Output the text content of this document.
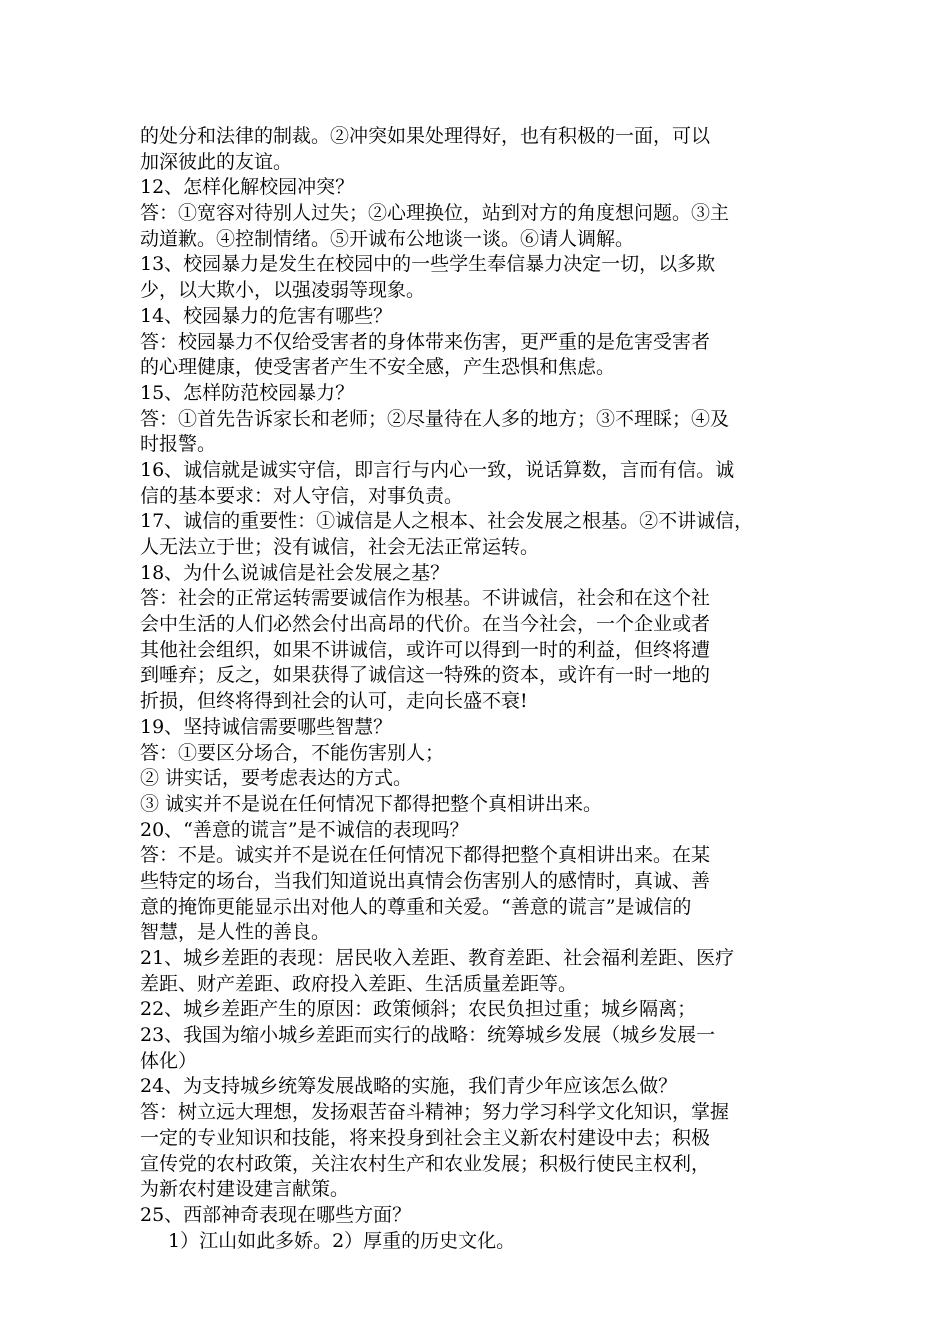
的处分和法律的制裁。②冲突如果处理得好，也有积极的一面，可以
加深彼此的友谊。
12、怎样化解校园冲突？
答：①宽容对待别人过失；②心理换位，站到对方的角度想问题。③主
动道歉。④控制情绪。⑤开诚布公地谈一谈。⑥请人调解。
13、校园暴力是发生在校园中的一些学生奉信暴力决定一切，以多欺
少，以大欺小，以强凌弱等现象。
14、校园暴力的危害有哪些？
答：校园暴力不仅给受害者的身体带来伤害，更严重的是危害受害者
的心理健康，使受害者产生不安全感，产生恐惧和焦虑。
15、怎样防范校园暴力？
答：①首先告诉家长和老师；②尽量待在人多的地方；③不理睬；④及
时报警。
16、诚信就是诚实守信，即言行与内心一致，说话算数，言而有信。诚
信的基本要求：对人守信，对事负责。
17、诚信的重要性：①诚信是人之根本、社会发展之根基。②不讲诚信，
人无法立于世；没有诚信，社会无法正常运转。
18、为什么说诚信是社会发展之基？
答：社会的正常运转需要诚信作为根基。不讲诚信，社会和在这个社
会中生活的人们必然会付出高昂的代价。在当今社会，一个企业或者
其他社会组织，如果不讲诚信，或许可以得到一时的利益，但终将遭
到唾弃；反之，如果获得了诚信这一特殊的资本，或许有一时一地的
折损，但终将得到社会的认可，走向长盛不衰!
19、坚持诚信需要哪些智慧？
答：①要区分场合，不能伤害别人；
② 讲实话，要考虑表达的方式。
③ 诚实并不是说在任何情况下都得把整个真相讲出来。
20、“善意的谎言”是不诚信的表现吗？
答：不是。诚实并不是说在任何情况下都得把整个真相讲出来。在某
些特定的场台，当我们知道说出真情会伤害别人的感情时，真诚、善
意的掩饰更能显示出对他人的尊重和关爱。“善意的谎言”是诚信的
智慧，是人性的善良。
21、城乡差距的表现：居民收入差距、教育差距、社会福利差距、医疗
差距、财产差距、政府投入差距、生活质量差距等。
22、城乡差距产生的原因：政策倾斜；农民负担过重；城乡隔离；
23、我国为缩小城乡差距而实行的战略：统筹城乡发展（城乡发展一
体化）
24、为支持城乡统筹发展战略的实施，我们青少年应该怎么做？
答：树立远大理想，发扬艰苦奋斗精神；努力学习科学文化知识，掌握
一定的专业知识和技能，将来投身到社会主义新农村建设中去；积极
宣传党的农村政策，关注农村生产和农业发展；积极行使民主权利，
为新农村建设建言献策。
25、西部神奇表现在哪些方面？
1）江山如此多娇。2）厚重的历史文化。
